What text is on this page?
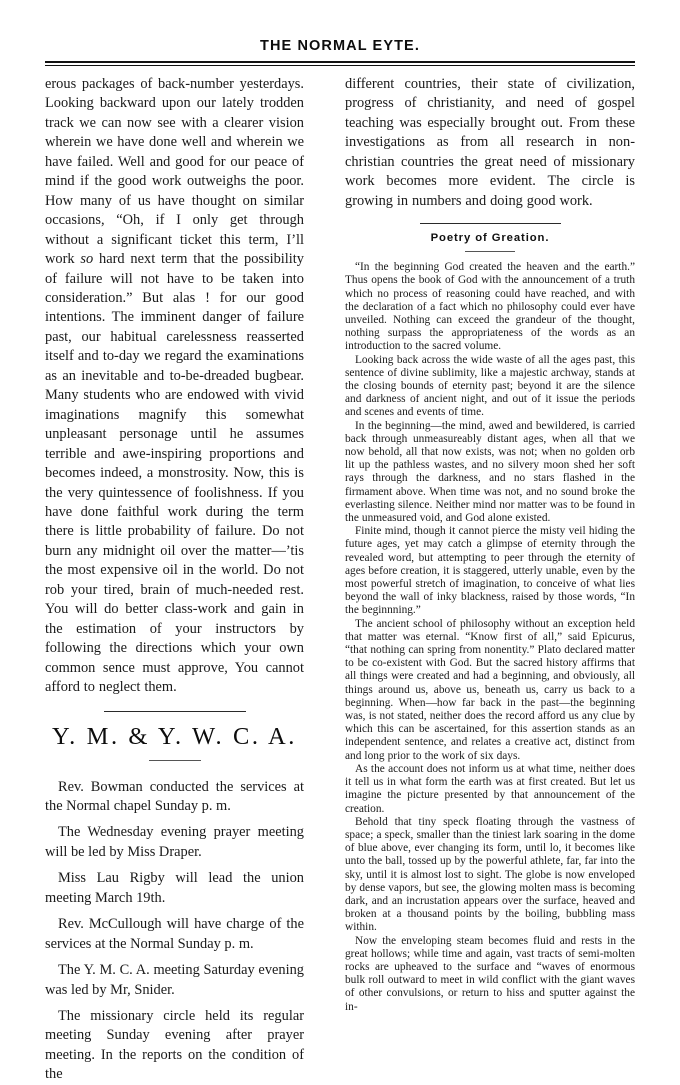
THE NORMAL EYTE.

erous packages of back-number yesterdays. Looking backward upon our lately trodden track we can now see with a clearer vision wherein we have done well and wherein we have failed. Well and good for our peace of mind if the good work outweighs the poor. How many of us have thought on similar occasions, “Oh, if I only get through without a significant ticket this term, I’ll work so hard next term that the possibility of failure will not have to be taken into consideration.” But alas ! for our good intentions. The imminent danger of failure past, our habitual carelessness reasserted itself and to-day we regard the examinations as an inevitable and to-be-dreaded bugbear. Many students who are endowed with vivid imaginations magnify this somewhat unpleasant personage until he assumes terrible and awe-inspiring proportions and becomes indeed, a monstrosity. Now, this is the very quintessence of foolishness. If you have done faithful work during the term there is little probability of failure. Do not burn any midnight oil over the matter—’tis the most expensive oil in the world. Do not rob your tired, brain of much-needed rest. You will do better class-work and gain in the estimation of your instructors by following the directions which your own common sence must approve, You cannot afford to neglect them.

Y. M. & Y. W. C. A.

Rev. Bowman conducted the services at the Normal chapel Sunday p. m.

The Wednesday evening prayer meeting will be led by Miss Draper.

Miss Lau Rigby will lead the union meeting March 19th.

Rev. McCullough will have charge of the services at the Normal Sunday p. m.

The Y. M. C. A. meeting Saturday evening was led by Mr, Snider.

The missionary circle held its regular meeting Sunday evening after prayer meeting. In the reports on the condition of the

different countries, their state of civilization, progress of christianity, and need of gospel teaching was especially brought out. From these investigations as from all research in non-christian countries the great need of missionary work becomes more evident. The circle is growing in numbers and doing good work.

Poetry of Greation.

“In the beginning God created the heaven and the earth.” Thus opens the book of God with the announcement of a truth which no process of reasoning could have reached, and with the declaration of a fact which no philosophy could ever have unveiled. Nothing can exceed the grandeur of the thought, nothing surpass the appropriateness of the words as an introduction to the sacred volume.

Looking back across the wide waste of all the ages past, this sentence of divine sublimity, like a majestic archway, stands at the closing bounds of eternity past; beyond it are the silence and darkness of ancient night, and out of it issue the periods and scenes and events of time.

In the beginning—the mind, awed and bewildered, is carried back through unmeasureably distant ages, when all that we now behold, all that now exists, was not; when no golden orb lit up the pathless wastes, and no silvery moon shed her soft rays through the darkness, and no stars flashed in the firmament above. When time was not, and no sound broke the everlasting silence. Neither mind nor matter was to be found in the unmeasured void, and God alone existed.

Finite mind, though it cannot pierce the misty veil hiding the future ages, yet may catch a glimpse of eternity through the revealed word, but attempting to peer through the eternity of ages before creation, it is staggered, utterly unable, even by the most powerful stretch of imagination, to conceive of what lies beyond the wall of inky blackness, raised by those words, “In the beginnning.”

The ancient school of philosophy without an exception held that matter was eternal. “Know first of all,” said Epicurus, “that nothing can spring from nonentity.” Plato declared matter to be co-existent with God. But the sacred history affirms that all things were created and had a beginning, and obviously, all things around us, above us, beneath us, carry us back to a beginning. When—how far back in the past—the beginning was, is not stated, neither does the record afford us any clue by which this can be ascertained, for this assertion stands as an independent sentence, and relates a creative act, distinct from and long prior to the work of six days.

As the account does not inform us at what time, neither does it tell us in what form the earth was at first created. But let us imagine the picture presented by that announcement of the creation.

Behold that tiny speck floating through the vastness of space; a speck, smaller than the tiniest lark soaring in the dome of blue above, ever changing its form, until lo, it becomes like unto the ball, tossed up by the powerful athlete, far, far into the sky, until it is almost lost to sight. The globe is now enveloped by dense vapors, but see, the glowing molten mass is becoming dark, and an incrustation appears over the surface, heaved and broken at a thousand points by the boiling, bubbling mass within.

Now the enveloping steam becomes fluid and rests in the great hollows; while time and again, vast tracts of semi-molten rocks are upheaved to the surface and “waves of enormous bulk roll outward to meet in wild conflict with the giant waves of other convulsions, or return to hiss and sputter against the in-
